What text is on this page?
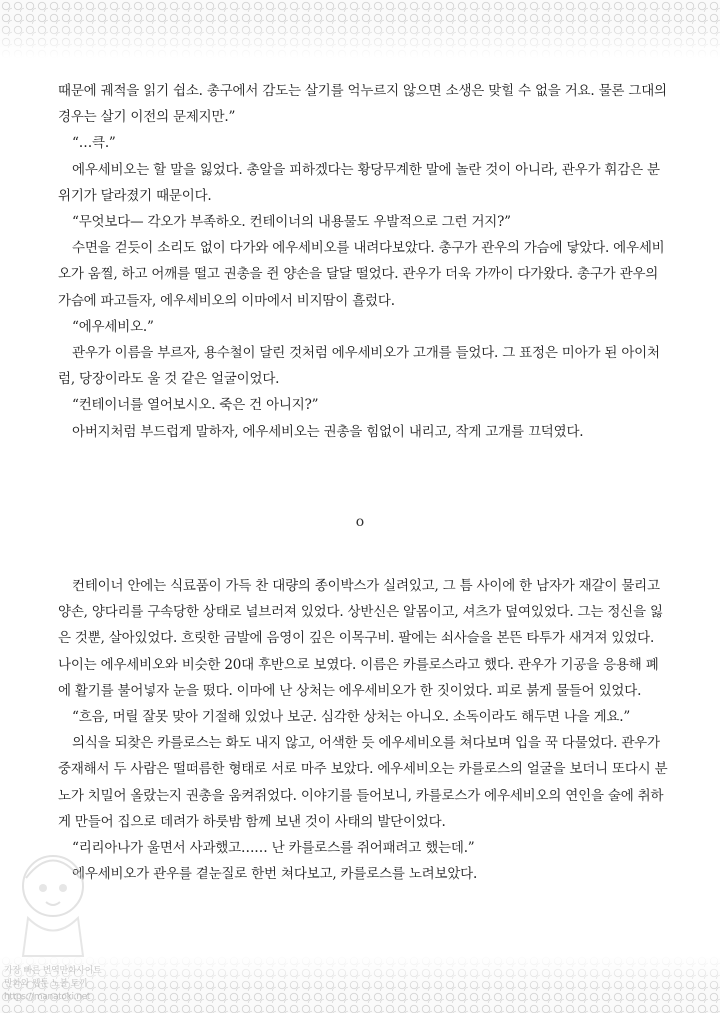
때문에 궤적을 읽기 쉽소. 총구에서 감도는 살기를 억누르지 않으면 소생은 맞힐 수 없을 거요. 물론 그대의 경우는 살기 이전의 문제지만.”

“…큭.”

에우세비오는 할 말을 잃었다. 총알을 피하겠다는 황당무계한 말에 놀란 것이 아니라, 관우가 휘감은 분위기가 달라졌기 때문이다.

“무엇보다— 각오가 부족하오. 컨테이너의 내용물도 우발적으로 그런 거지?”

수면을 걷듯이 소리도 없이 다가와 에우세비오를 내려다보았다. 총구가 관우의 가슴에 닿았다. 에우세비오가 움찔, 하고 어깨를 떨고 권총을 쥔 양손을 달달 떨었다. 관우가 더욱 가까이 다가왔다. 총구가 관우의 가슴에 파고들자, 에우세비오의 이마에서 비지땀이 흘렀다.

“에우세비오.”

관우가 이름을 부르자, 용수철이 달린 것처럼 에우세비오가 고개를 들었다. 그 표정은 미아가 된 아이처럼, 당장이라도 울 것 같은 얼굴이었다.

“컨테이너를 열어보시오. 죽은 건 아니지?”

아버지처럼 부드럽게 말하자, 에우세비오는 권총을 힘없이 내리고, 작게 고개를 끄덕였다.

o

컨테이너 안에는 식료품이 가득 찬 대량의 종이박스가 실려있고, 그 틈 사이에 한 남자가 재갈이 물리고 양손, 양다리를 구속당한 상태로 널브러져 있었다. 상반신은 알몸이고, 셔츠가 덮여있었다. 그는 정신을 잃은 것뿐, 살아있었다. 흐릿한 금발에 음영이 깊은 이목구비. 팔에는 쇠사슬을 본뜬 타투가 새겨져 있었다. 나이는 에우세비오와 비슷한 20대 후반으로 보였다. 이름은 카를로스라고 했다. 관우가 기공을 응용해 폐에 활기를 불어넣자 눈을 떴다. 이마에 난 상처는 에우세비오가 한 짓이었다. 피로 붉게 물들어 있었다.

“흐음, 머릴 잘못 맞아 기절해 있었나 보군. 심각한 상처는 아니오. 소독이라도 해두면 나을 게요.”

의식을 되찾은 카를로스는 화도 내지 않고, 어색한 듯 에우세비오를 쳐다보며 입을 꾹 다물었다. 관우가 중재해서 두 사람은 떨떠름한 형태로 서로 마주 보았다. 에우세비오는 카를로스의 얼굴을 보더니 또다시 분노가 치밀어 올랐는지 권총을 움켜쥐었다. 이야기를 들어보니, 카를로스가 에우세비오의 연인을 술에 취하게 만들어 집으로 데려가 하룻밤 함께 보낸 것이 사태의 발단이었다.

“리리아나가 울면서 사과했고…… 난 카를로스를 쥐어패려고 했는데.”

에우세비오가 관우를 곁눈질로 한번 쳐다보고, 카를로스를 노려보았다.

가장 빠른 번역만화사이트
만화와 웹툰 노블 토끼
https://manatoki.net
